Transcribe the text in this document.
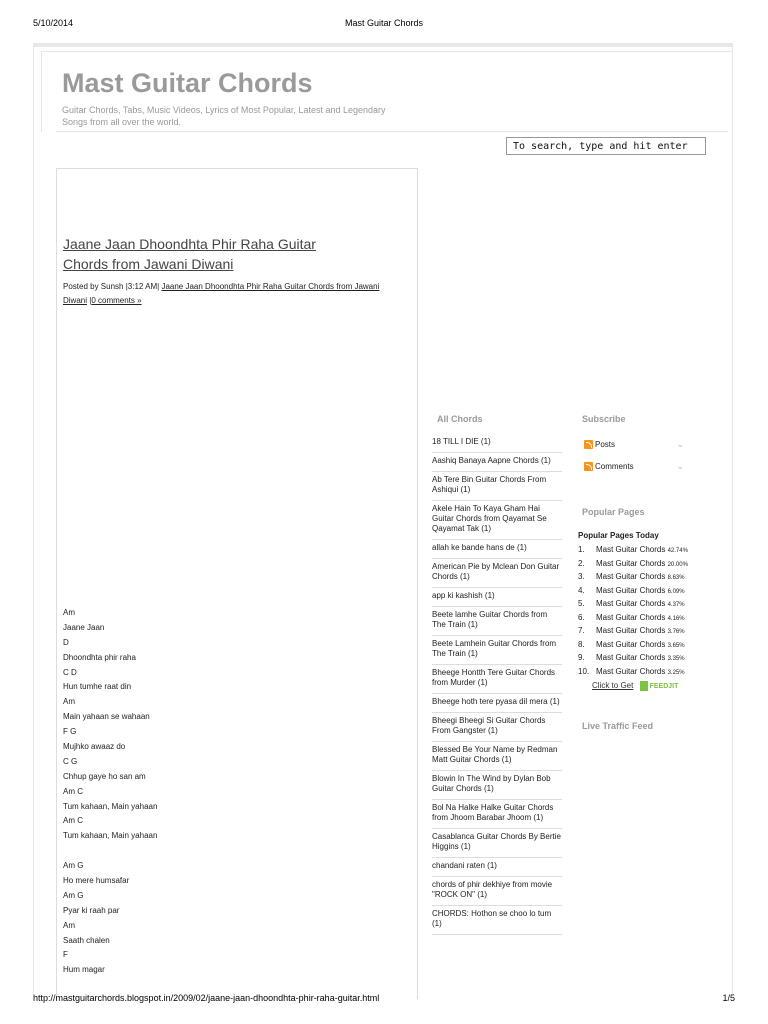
5/10/2014	Mast Guitar Chords
Mast Guitar Chords
Guitar Chords, Tabs, Music Videos, Lyrics of Most Popular, Latest and Legendary Songs from all over the world.
To search, type and hit enter
Jaane Jaan Dhoondhta Phir Raha Guitar Chords from Jawani Diwani
Posted by Sunsh |3:12 AM| Jaane Jaan Dhoondhta Phir Raha Guitar Chords from Jawani Diwani |0 comments »
Am
Jaane Jaan
D
Dhoondhta phir raha
C D
Hun tumhe raat din
Am
Main yahaan se wahaan
F G
Mujhko awaaz do
C G
Chhup gaye ho san am
Am C
Tum kahaan, Main yahaan
Am C
Tum kahaan, Main yahaan
Am G
Ho mere humsafar
Am G
Pyar ki raah par
Am
Saath chalen
F
Hum magar
All Chords
18 TILL I DIE (1)
Aashiq Banaya Aapne Chords (1)
Ab Tere Bin Guitar Chords From Ashiqui (1)
Akele Hain To Kaya Gham Hai Guitar Chords from Qayamat Se Qayamat Tak (1)
allah ke bande hans de (1)
American Pie by Mclean Don Guitar Chords (1)
app ki kashish (1)
Beete lamhe Guitar Chords from The Train (1)
Beete Lamhein Guitar Chords from The Train (1)
Bheege Hontth Tere Guitar Chords from Murder (1)
Bheege hoth tere pyasa dil mera (1)
Bheegi Bheegi Si Guitar Chords From Gangster (1)
Blessed Be Your Name by Redman Matt Guitar Chords (1)
Blowin In The Wind by Dylan Bob Guitar Chords (1)
Bol Na Halke Halke Guitar Chords from Jhoom Barabar Jhoom (1)
Casablanca Guitar Chords By Bertie Higgins (1)
chandani raten (1)
chords of phir dekhiye from movie "ROCK ON" (1)
CHORDS: Hothon se choo lo tum (1)
Subscribe
Posts	⌄
Comments	⌄
Popular Pages
Popular Pages Today
1. Mast Guitar Chords 42.74%
2. Mast Guitar Chords 20.00%
3. Mast Guitar Chords 8.63%
4. Mast Guitar Chords 6.09%
5. Mast Guitar Chords 4.37%
6. Mast Guitar Chords 4.16%
7. Mast Guitar Chords 3.76%
8. Mast Guitar Chords 3.65%
9. Mast Guitar Chords 3.35%
10. Mast Guitar Chords 3.25%
Click to Get FEEDJIT
Live Traffic Feed
http://mastguitarchords.blogspot.in/2009/02/jaane-jaan-dhoondhta-phir-raha-guitar.html	1/5
